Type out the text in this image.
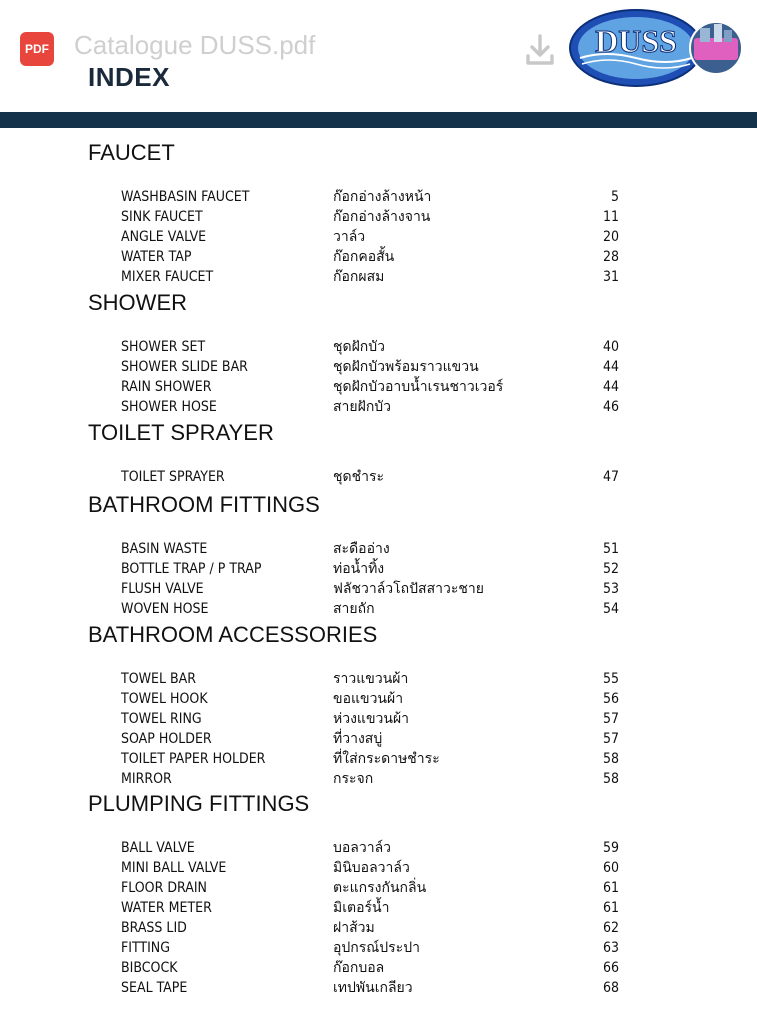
PDF Catalogue DUSS.pdf	DUSS
INDEX
FAUCET
WASHBASIN FAUCET	ก๊อกอ่างล้างหน้า	5
SINK FAUCET	ก๊อกอ่างล้างจาน	11
ANGLE VALVE	วาล์ว	20
WATER TAP	ก๊อกคอสั้น	28
MIXER FAUCET	ก๊อกผสม	31
SHOWER
SHOWER SET	ชุดฝักบัว	40
SHOWER SLIDE BAR	ชุดฝักบัวพร้อมราวแขวน	44
RAIN SHOWER	ชุดฝักบัวอาบน้ำเรนชาวเวอร์	44
SHOWER HOSE	สายฝักบัว	46
TOILET SPRAYER
TOILET SPRAYER	ชุดชำระ	47
BATHROOM FITTINGS
BASIN WASTE	สะดืออ่าง	51
BOTTLE TRAP / P TRAP	ท่อน้ำทิ้ง	52
FLUSH VALVE	ฟลัชวาล์วโถปัสสาวะชาย	53
WOVEN HOSE	สายถัก	54
BATHROOM ACCESSORIES
TOWEL BAR	ราวแขวนผ้า	55
TOWEL HOOK	ขอแขวนผ้า	56
TOWEL RING	ห่วงแขวนผ้า	57
SOAP HOLDER	ที่วางสบู่	57
TOILET PAPER HOLDER	ที่ใส่กระดาษชำระ	58
MIRROR	กระจก	58
PLUMPING FITTINGS
BALL VALVE	บอลวาล์ว	59
MINI BALL VALVE	มินิบอลวาล์ว	60
FLOOR DRAIN	ตะแกรงกันกลิ่น	61
WATER METER	มิเตอร์น้ำ	61
BRASS LID	ฝาส้วม	62
FITTING	อุปกรณ์ประปา	63
BIBCOCK	ก๊อกบอล	66
SEAL TAPE	เทปพันเกลียว	68
